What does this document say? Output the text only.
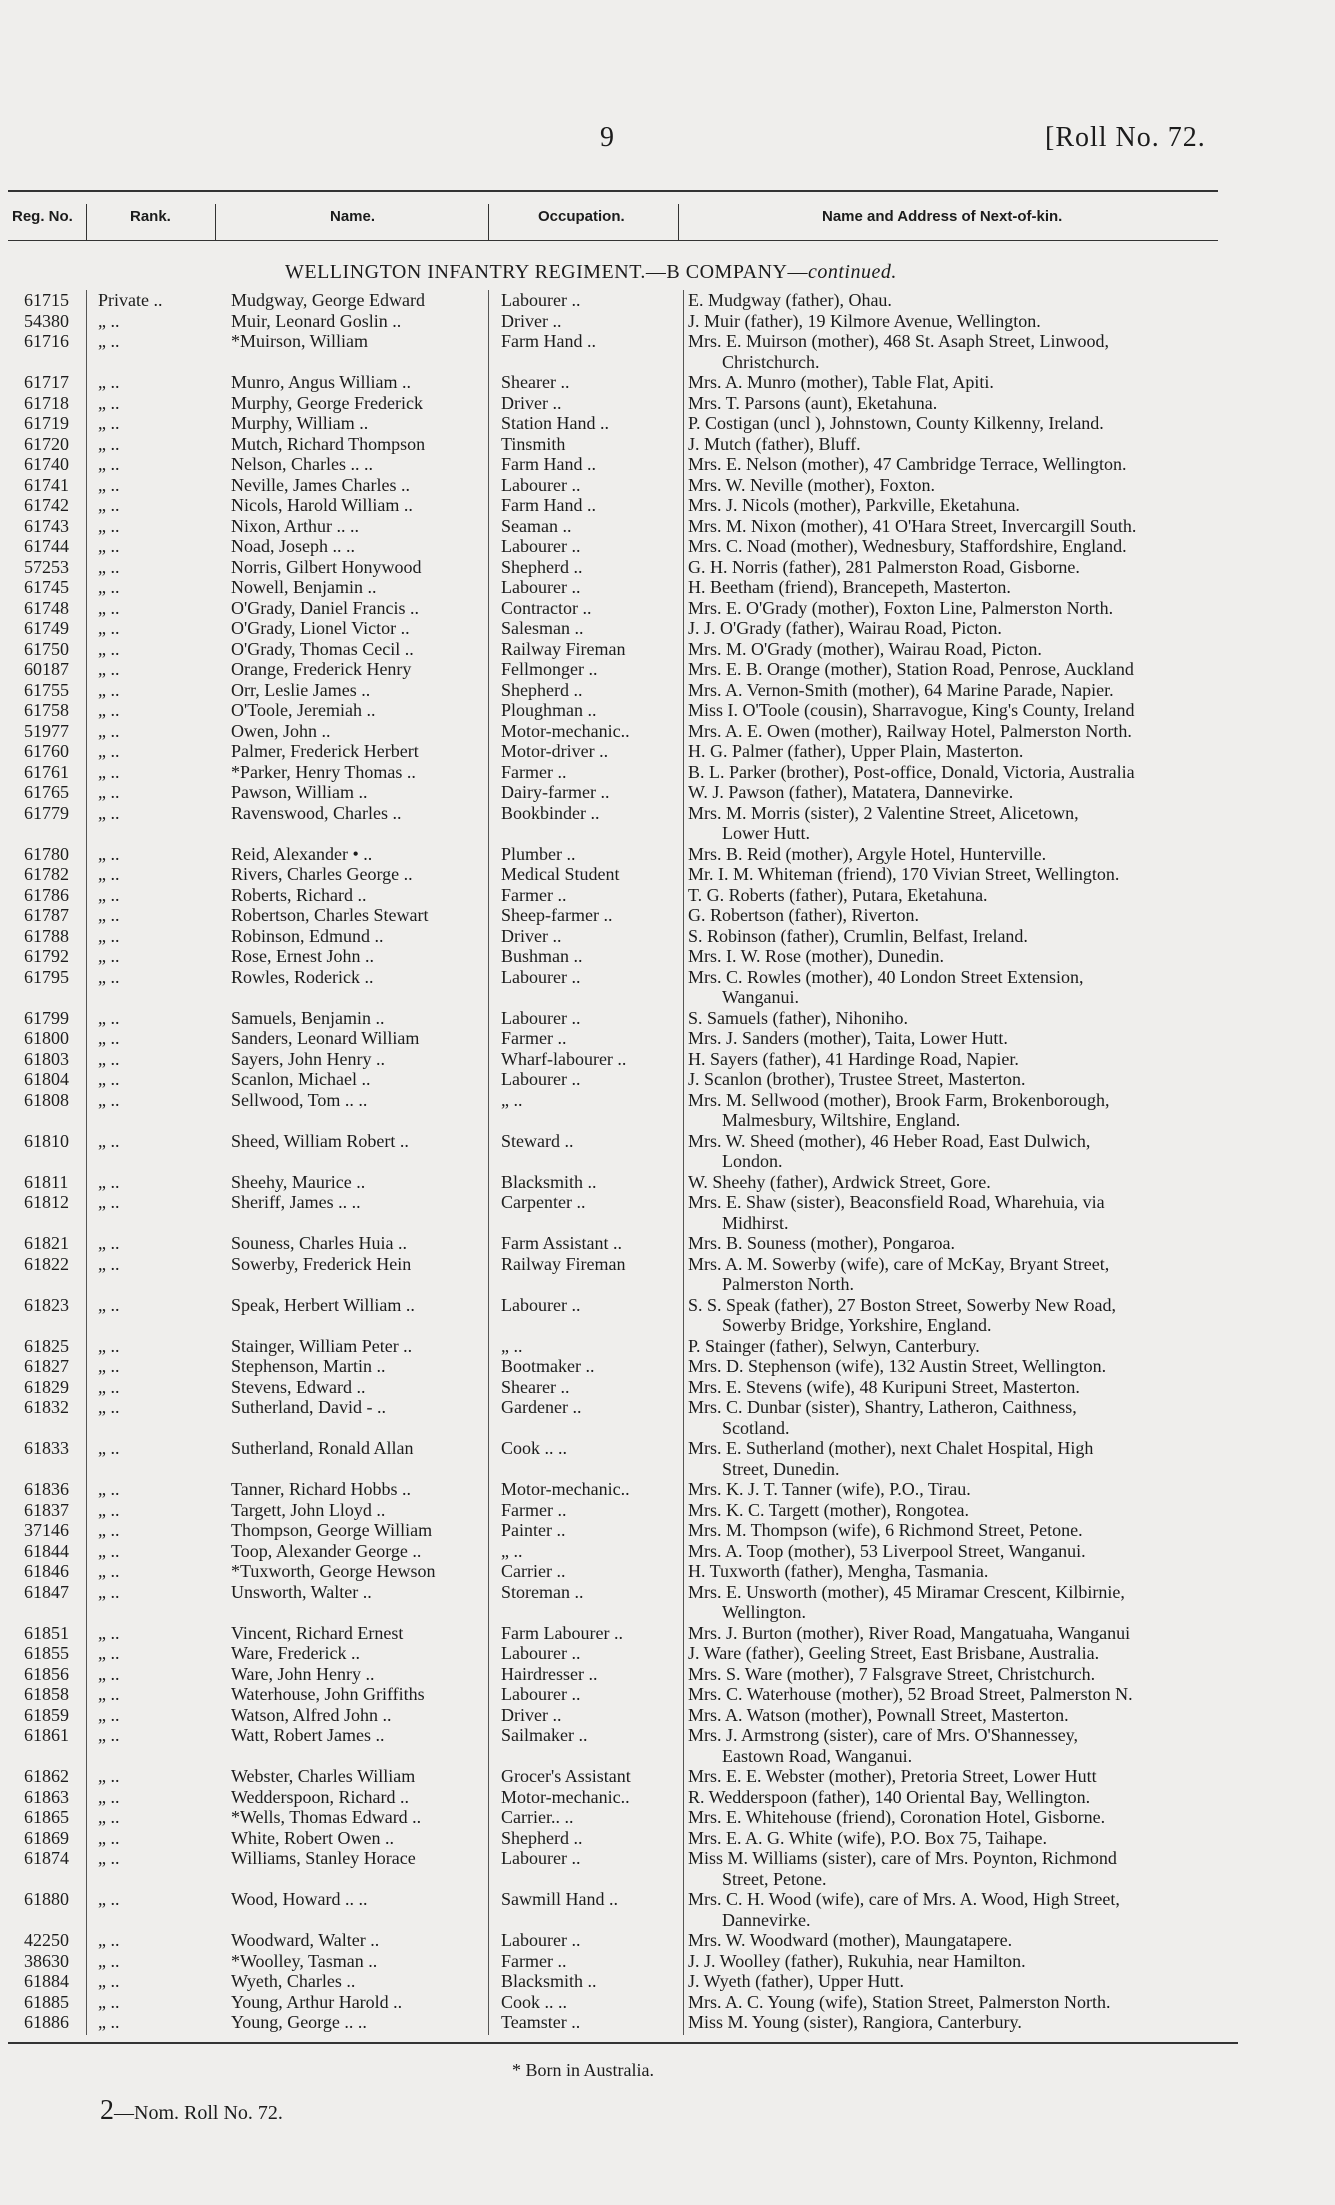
9	[Roll No. 72.
Reg. No.	Rank.	Name.	Occupation.	Name and Address of Next-of-kin.
WELLINGTON INFANTRY REGIMENT.—B COMPANY—continued.
61715	Private ..	Mudgway, George Edward	Labourer ..	E. Mudgway (father), Ohau.
54380	„ ..	Muir, Leonard Goslin ..	Driver ..	J. Muir (father), 19 Kilmore Avenue, Wellington.
61716	„ ..	*Muirson, William	Farm Hand ..	Mrs. E. Muirson (mother), 468 St. Asaph Street, Linwood,
Christchurch.
61717	„ ..	Munro, Angus William ..	Shearer ..	Mrs. A. Munro (mother), Table Flat, Apiti.
61718	„ ..	Murphy, George Frederick	Driver ..	Mrs. T. Parsons (aunt), Eketahuna.
61719	„ ..	Murphy, William ..	Station Hand ..	P. Costigan (uncl ), Johnstown, County Kilkenny, Ireland.
61720	„ ..	Mutch, Richard Thompson	Tinsmith	J. Mutch (father), Bluff.
61740	„ ..	Nelson, Charles .. ..	Farm Hand ..	Mrs. E. Nelson (mother), 47 Cambridge Terrace, Wellington.
61741	„ ..	Neville, James Charles ..	Labourer ..	Mrs. W. Neville (mother), Foxton.
61742	„ ..	Nicols, Harold William ..	Farm Hand ..	Mrs. J. Nicols (mother), Parkville, Eketahuna.
61743	„ ..	Nixon, Arthur .. ..	Seaman ..	Mrs. M. Nixon (mother), 41 O'Hara Street, Invercargill South.
61744	„ ..	Noad, Joseph .. ..	Labourer ..	Mrs. C. Noad (mother), Wednesbury, Staffordshire, England.
57253	„ ..	Norris, Gilbert Honywood	Shepherd ..	G. H. Norris (father), 281 Palmerston Road, Gisborne.
61745	„ ..	Nowell, Benjamin ..	Labourer ..	H. Beetham (friend), Brancepeth, Masterton.
61748	„ ..	O'Grady, Daniel Francis ..	Contractor ..	Mrs. E. O'Grady (mother), Foxton Line, Palmerston North.
61749	„ ..	O'Grady, Lionel Victor ..	Salesman ..	J. J. O'Grady (father), Wairau Road, Picton.
61750	„ ..	O'Grady, Thomas Cecil ..	Railway Fireman	Mrs. M. O'Grady (mother), Wairau Road, Picton.
60187	„ ..	Orange, Frederick Henry	Fellmonger ..	Mrs. E. B. Orange (mother), Station Road, Penrose, Auckland
61755	„ ..	Orr, Leslie James ..	Shepherd ..	Mrs. A. Vernon-Smith (mother), 64 Marine Parade, Napier.
61758	„ ..	O'Toole, Jeremiah ..	Ploughman ..	Miss I. O'Toole (cousin), Sharravogue, King's County, Ireland
51977	„ ..	Owen, John ..	Motor-mechanic..	Mrs. A. E. Owen (mother), Railway Hotel, Palmerston North.
61760	„ ..	Palmer, Frederick Herbert	Motor-driver ..	H. G. Palmer (father), Upper Plain, Masterton.
61761	„ ..	*Parker, Henry Thomas ..	Farmer ..	B. L. Parker (brother), Post-office, Donald, Victoria, Australia
61765	„ ..	Pawson, William ..	Dairy-farmer ..	W. J. Pawson (father), Matatera, Dannevirke.
61779	„ ..	Ravenswood, Charles ..	Bookbinder ..	Mrs. M. Morris (sister), 2 Valentine Street, Alicetown,
Lower Hutt.
61780	„ ..	Reid, Alexander • ..	Plumber ..	Mrs. B. Reid (mother), Argyle Hotel, Hunterville.
61782	„ ..	Rivers, Charles George ..	Medical Student	Mr. I. M. Whiteman (friend), 170 Vivian Street, Wellington.
61786	„ ..	Roberts, Richard ..	Farmer ..	T. G. Roberts (father), Putara, Eketahuna.
61787	„ ..	Robertson, Charles Stewart	Sheep-farmer ..	G. Robertson (father), Riverton.
61788	„ ..	Robinson, Edmund ..	Driver ..	S. Robinson (father), Crumlin, Belfast, Ireland.
61792	„ ..	Rose, Ernest John ..	Bushman ..	Mrs. I. W. Rose (mother), Dunedin.
61795	„ ..	Rowles, Roderick ..	Labourer ..	Mrs. C. Rowles (mother), 40 London Street Extension,
Wanganui.
61799	„ ..	Samuels, Benjamin ..	Labourer ..	S. Samuels (father), Nihoniho.
61800	„ ..	Sanders, Leonard William	Farmer ..	Mrs. J. Sanders (mother), Taita, Lower Hutt.
61803	„ ..	Sayers, John Henry ..	Wharf-labourer ..	H. Sayers (father), 41 Hardinge Road, Napier.
61804	„ ..	Scanlon, Michael ..	Labourer ..	J. Scanlon (brother), Trustee Street, Masterton.
61808	„ ..	Sellwood, Tom .. ..	„ ..	Mrs. M. Sellwood (mother), Brook Farm, Brokenborough,
Malmesbury, Wiltshire, England.
61810	„ ..	Sheed, William Robert ..	Steward ..	Mrs. W. Sheed (mother), 46 Heber Road, East Dulwich,
London.
61811	„ ..	Sheehy, Maurice ..	Blacksmith ..	W. Sheehy (father), Ardwick Street, Gore.
61812	„ ..	Sheriff, James .. ..	Carpenter ..	Mrs. E. Shaw (sister), Beaconsfield Road, Wharehuia, via
Midhirst.
61821	„ ..	Souness, Charles Huia ..	Farm Assistant ..	Mrs. B. Souness (mother), Pongaroa.
61822	„ ..	Sowerby, Frederick Hein	Railway Fireman	Mrs. A. M. Sowerby (wife), care of McKay, Bryant Street,
Palmerston North.
61823	„ ..	Speak, Herbert William ..	Labourer ..	S. S. Speak (father), 27 Boston Street, Sowerby New Road,
Sowerby Bridge, Yorkshire, England.
61825	„ ..	Stainger, William Peter ..	„ ..	P. Stainger (father), Selwyn, Canterbury.
61827	„ ..	Stephenson, Martin ..	Bootmaker ..	Mrs. D. Stephenson (wife), 132 Austin Street, Wellington.
61829	„ ..	Stevens, Edward ..	Shearer ..	Mrs. E. Stevens (wife), 48 Kuripuni Street, Masterton.
61832	„ ..	Sutherland, David - ..	Gardener ..	Mrs. C. Dunbar (sister), Shantry, Latheron, Caithness,
Scotland.
61833	„ ..	Sutherland, Ronald Allan	Cook .. ..	Mrs. E. Sutherland (mother), next Chalet Hospital, High
Street, Dunedin.
61836	„ ..	Tanner, Richard Hobbs ..	Motor-mechanic..	Mrs. K. J. T. Tanner (wife), P.O., Tirau.
61837	„ ..	Targett, John Lloyd ..	Farmer ..	Mrs. K. C. Targett (mother), Rongotea.
37146	„ ..	Thompson, George William	Painter ..	Mrs. M. Thompson (wife), 6 Richmond Street, Petone.
61844	„ ..	Toop, Alexander George ..	„ ..	Mrs. A. Toop (mother), 53 Liverpool Street, Wanganui.
61846	„ ..	*Tuxworth, George Hewson	Carrier ..	H. Tuxworth (father), Mengha, Tasmania.
61847	„ ..	Unsworth, Walter ..	Storeman ..	Mrs. E. Unsworth (mother), 45 Miramar Crescent, Kilbirnie,
Wellington.
61851	„ ..	Vincent, Richard Ernest	Farm Labourer ..	Mrs. J. Burton (mother), River Road, Mangatuaha, Wanganui
61855	„ ..	Ware, Frederick ..	Labourer ..	J. Ware (father), Geeling Street, East Brisbane, Australia.
61856	„ ..	Ware, John Henry ..	Hairdresser ..	Mrs. S. Ware (mother), 7 Falsgrave Street, Christchurch.
61858	„ ..	Waterhouse, John Griffiths	Labourer ..	Mrs. C. Waterhouse (mother), 52 Broad Street, Palmerston N.
61859	„ ..	Watson, Alfred John ..	Driver ..	Mrs. A. Watson (mother), Pownall Street, Masterton.
61861	„ ..	Watt, Robert James ..	Sailmaker ..	Mrs. J. Armstrong (sister), care of Mrs. O'Shannessey,
Eastown Road, Wanganui.
61862	„ ..	Webster, Charles William	Grocer's Assistant	Mrs. E. E. Webster (mother), Pretoria Street, Lower Hutt
61863	„ ..	Wedderspoon, Richard ..	Motor-mechanic..	R. Wedderspoon (father), 140 Oriental Bay, Wellington.
61865	„ ..	*Wells, Thomas Edward ..	Carrier.. ..	Mrs. E. Whitehouse (friend), Coronation Hotel, Gisborne.
61869	„ ..	White, Robert Owen ..	Shepherd ..	Mrs. E. A. G. White (wife), P.O. Box 75, Taihape.
61874	„ ..	Williams, Stanley Horace	Labourer ..	Miss M. Williams (sister), care of Mrs. Poynton, Richmond
Street, Petone.
61880	„ ..	Wood, Howard .. ..	Sawmill Hand ..	Mrs. C. H. Wood (wife), care of Mrs. A. Wood, High Street,
Dannevirke.
42250	„ ..	Woodward, Walter ..	Labourer ..	Mrs. W. Woodward (mother), Maungatapere.
38630	„ ..	*Woolley, Tasman ..	Farmer ..	J. J. Woolley (father), Rukuhia, near Hamilton.
61884	„ ..	Wyeth, Charles ..	Blacksmith ..	J. Wyeth (father), Upper Hutt.
61885	„ ..	Young, Arthur Harold ..	Cook .. ..	Mrs. A. C. Young (wife), Station Street, Palmerston North.
61886	„ ..	Young, George .. ..	Teamster ..	Miss M. Young (sister), Rangiora, Canterbury.
* Born in Australia.
2—Nom. Roll No. 72.
